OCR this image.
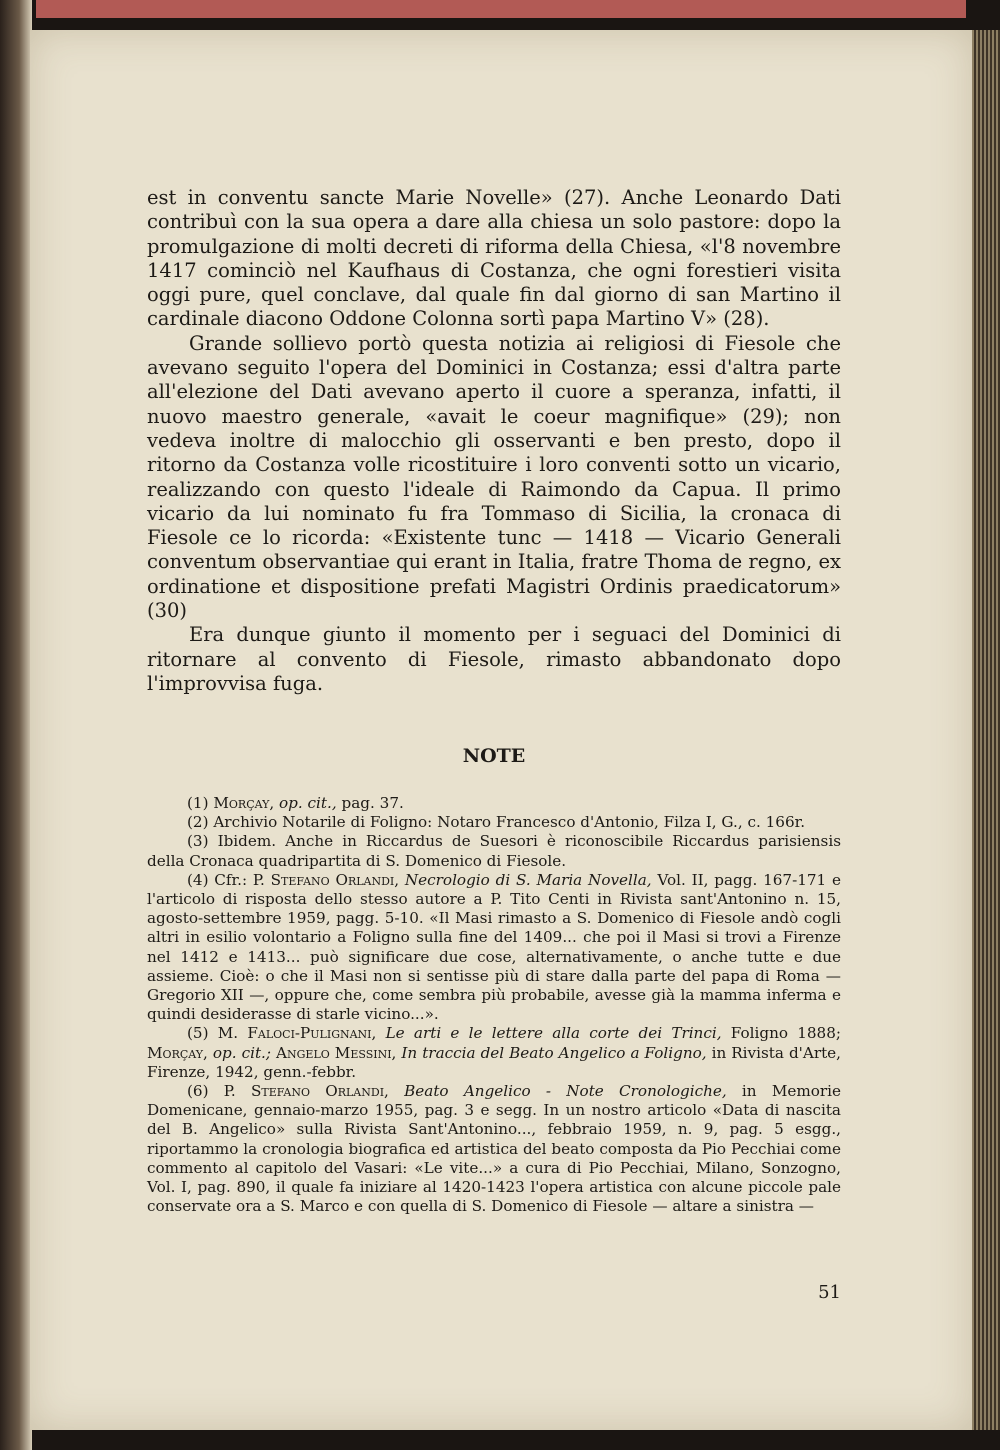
est in conventu sancte Marie Novelle» (27). Anche Leonardo Dati contribuì con la sua opera a dare alla chiesa un solo pastore: dopo la promulgazione di molti decreti di riforma della Chiesa, «l'8 novembre 1417 cominciò nel Kaufhaus di Costanza, che ogni forestieri visita oggi pure, quel conclave, dal quale fin dal giorno di san Martino il cardinale diacono Oddone Colonna sortì papa Martino V» (28).

Grande sollievo portò questa notizia ai religiosi di Fiesole che avevano seguito l'opera del Dominici in Costanza; essi d'altra parte all'elezione del Dati avevano aperto il cuore a speranza, infatti, il nuovo maestro generale, «avait le coeur magnifique» (29); non vedeva inoltre di malocchio gli osservanti e ben presto, dopo il ritorno da Costanza volle ricostituire i loro conventi sotto un vicario, realizzando con questo l'ideale di Raimondo da Capua. Il primo vicario da lui nominato fu fra Tommaso di Sicilia, la cronaca di Fiesole ce lo ricorda: «Existente tunc — 1418 — Vicario Generali conventum observantiae qui erant in Italia, fratre Thoma de regno, ex ordinatione et dispositione prefati Magistri Ordinis praedicatorum» (30)

Era dunque giunto il momento per i seguaci del Dominici di ritornare al convento di Fiesole, rimasto abbandonato dopo l'improvvisa fuga.

NOTE

(1) Morçay, op. cit., pag. 37.

(2) Archivio Notarile di Foligno: Notaro Francesco d'Antonio, Filza I, G., c. 166r.

(3) Ibidem. Anche in Riccardus de Suesori è riconoscibile Riccardus parisiensis della Cronaca quadripartita di S. Domenico di Fiesole.

(4) Cfr.: P. Stefano Orlandi, Necrologio di S. Maria Novella, Vol. II, pagg. 167-171 e l'articolo di risposta dello stesso autore a P. Tito Centi in Rivista sant'Antonino n. 15, agosto-settembre 1959, pagg. 5-10. «Il Masi rimasto a S. Domenico di Fiesole andò cogli altri in esilio volontario a Foligno sulla fine del 1409... che poi il Masi si trovi a Firenze nel 1412 e 1413... può significare due cose, alternativamente, o anche tutte e due assieme. Cioè: o che il Masi non si sentisse più di stare dalla parte del papa di Roma — Gregorio XII —, oppure che, come sembra più probabile, avesse già la mamma inferma e quindi desiderasse di starle vicino...».

(5) M. Faloci-Pulignani, Le arti e le lettere alla corte dei Trinci, Foligno 1888; Morçay, op. cit.; Angelo Messini, In traccia del Beato Angelico a Foligno, in Rivista d'Arte, Firenze, 1942, genn.-febbr.

(6) P. Stefano Orlandi, Beato Angelico - Note Cronologiche, in Memorie Domenicane, gennaio-marzo 1955, pag. 3 e segg. In un nostro articolo «Data di nascita del B. Angelico» sulla Rivista Sant'Antonino..., febbraio 1959, n. 9, pag. 5 esgg., riportammo la cronologia biografica ed artistica del beato composta da Pio Pecchiai come commento al capitolo del Vasari: «Le vite...» a cura di Pio Pecchiai, Milano, Sonzogno, Vol. I, pag. 890, il quale fa iniziare al 1420-1423 l'opera artistica con alcune piccole pale conservate ora a S. Marco e con quella di S. Domenico di Fiesole — altare a sinistra —

51
